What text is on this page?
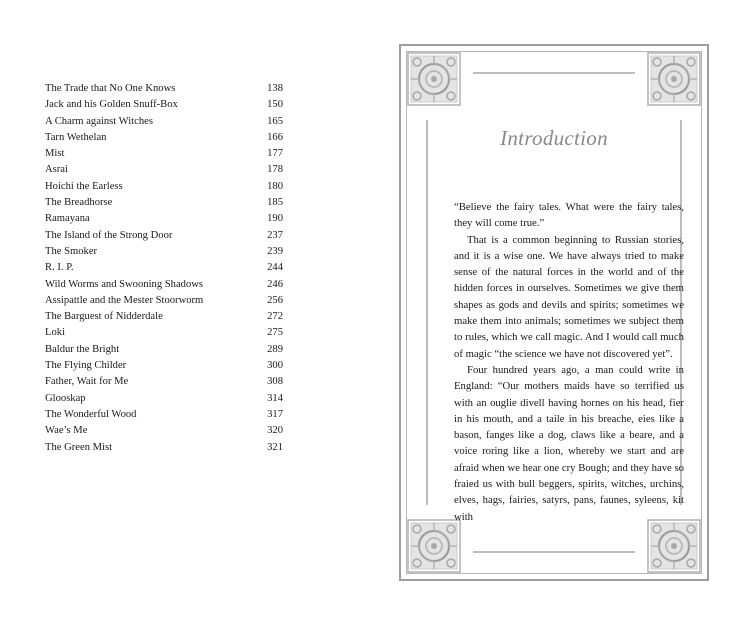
The Trade that No One Knows	138
Jack and his Golden Snuff-Box	150
A Charm against Witches	165
Tarn Wethelan	166
Mist	177
Asrai	178
Hoichi the Earless	180
The Breadhorse	185
Ramayana	190
The Island of the Strong Door	237
The Smoker	239
R. I. P.	244
Wild Worms and Swooning Shadows	246
Assipattle and the Mester Stoorworm	256
The Barguest of Nidderdale	272
Loki	275
Baldur the Bright	289
The Flying Childer	300
Father, Wait for Me	308
Glooskap	314
The Wonderful Wood	317
Wae’s Me	320
The Green Mist	321
Introduction

“Believe the fairy tales. What were the fairy tales, they will come true.”

That is a common beginning to Russian stories, and it is a wise one. We have always tried to make sense of the natural forces in the world and of the hidden forces in ourselves. Sometimes we give them shapes as gods and devils and spirits; sometimes we make them into animals; sometimes we subject them to rules, which we call magic. And I would call much of magic “the science we have not discovered yet”.

Four hundred years ago, a man could write in England: “Our mothers maids have so terrified us with an ouglie divell having hornes on his head, fier in his mouth, and a taile in his breache, eies like a bason, fanges like a dog, claws like a beare, and a voice roring like a lion, whereby we start and are afraid when we hear one cry Bough; and they have so fraied us with bull beggers, spirits, witches, urchins, elves, hags, fairies, satyrs, pans, faunes, syleens, kit with
